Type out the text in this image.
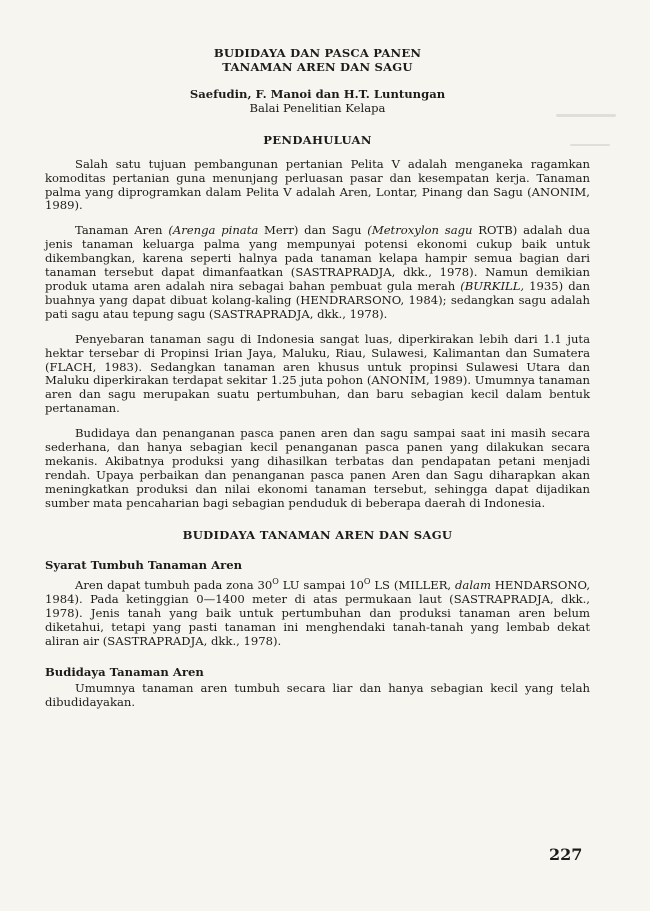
BUDIDAYA DAN PASCA PANEN
TANAMAN AREN DAN SAGU
Saefudin, F. Manoi dan H.T. Luntungan
Balai Penelitian Kelapa
PENDAHULUAN

Salah satu tujuan pembangunan pertanian Pelita V adalah menganeka ragamkan komoditas pertanian guna menunjang perluasan pasar dan kesempatan kerja. Tanaman palma yang diprogramkan dalam Pelita V adalah Aren, Lontar, Pinang dan Sagu (ANONIM, 1989).

Tanaman Aren (Arenga pinata Merr) dan Sagu (Metroxylon sagu ROTB) adalah dua jenis tanaman keluarga palma yang mempunyai potensi ekonomi cukup baik untuk dikembangkan, karena seperti halnya pada tanaman kelapa hampir semua bagian dari tanaman tersebut dapat dimanfaatkan (SASTRAPRADJA, dkk., 1978). Namun demikian produk utama aren adalah nira sebagai bahan pembuat gula merah (BURKILL, 1935) dan buahnya yang dapat dibuat kolang-kaling (HENDRARSONO, 1984); sedangkan sagu adalah pati sagu atau tepung sagu (SASTRAPRADJA, dkk., 1978).

Penyebaran tanaman sagu di Indonesia sangat luas, diperkirakan lebih dari 1.1 juta hektar tersebar di Propinsi Irian Jaya, Maluku, Riau, Sulawesi, Kalimantan dan Sumatera (FLACH, 1983). Sedangkan tanaman aren khusus untuk propinsi Sulawesi Utara dan Maluku diperkirakan terdapat sekitar 1.25 juta pohon (ANONIM, 1989). Umumnya tanaman aren dan sagu merupakan suatu pertumbuhan, dan baru sebagian kecil dalam bentuk pertanaman.

Budidaya dan penanganan pasca panen aren dan sagu sampai saat ini masih secara sederhana, dan hanya sebagian kecil penanganan pasca panen yang dilakukan secara mekanis. Akibatnya produksi yang dihasilkan terbatas dan pendapatan petani menjadi rendah. Upaya perbaikan dan penanganan pasca panen Aren dan Sagu diharapkan akan meningkatkan produksi dan nilai ekonomi tanaman tersebut, sehingga dapat dijadikan sumber mata pencaharian bagi sebagian penduduk di beberapa daerah di Indonesia.

BUDIDAYA TANAMAN AREN DAN SAGU
Syarat Tumbuh Tanaman Aren

Aren dapat tumbuh pada zona $30^O$ LU sampai $10^O$ LS (MILLER, dalam HENDARSONO, 1984). Pada ketinggian 0—1400 meter di atas permukaan laut (SASTRAPRADJA, dkk., 1978). Jenis tanah yang baik untuk pertumbuhan dan produksi tanaman aren belum diketahui, tetapi yang pasti tanaman ini menghendaki tanah-tanah yang lembab dekat aliran air (SASTRAPRADJA, dkk., 1978).

Budidaya Tanaman Aren

Umumnya tanaman aren tumbuh secara liar dan hanya sebagian kecil yang telah dibudidayakan.

227
